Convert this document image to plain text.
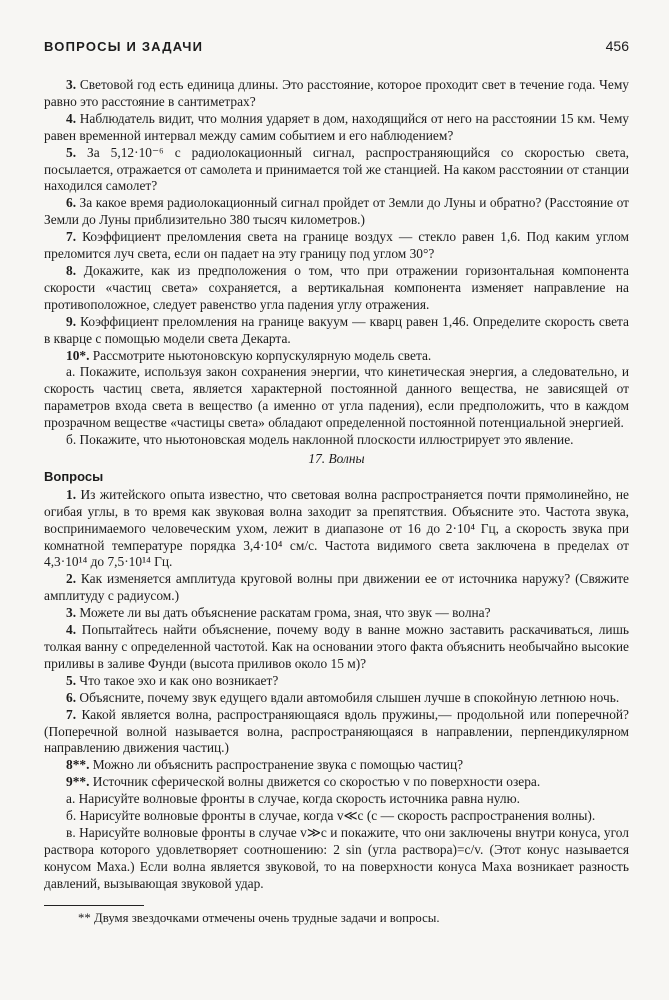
ВОПРОСЫ И ЗАДАЧИ	456

3. Световой год есть единица длины. Это расстояние, которое проходит свет в течение года. Чему равно это расстояние в сантиметрах?

4. Наблюдатель видит, что молния ударяет в дом, находящийся от него на расстоянии 15 км. Чему равен временной интервал между самим событием и его наблюдением?

5. За 5,12·10⁻⁶ с радиолокационный сигнал, распространяющийся со скоростью света, посылается, отражается от самолета и принимается той же станцией. На каком расстоянии от станции находился самолет?

6. За какое время радиолокационный сигнал пройдет от Земли до Луны и обратно? (Расстояние от Земли до Луны приблизительно 380 тысяч километров.)

7. Коэффициент преломления света на границе воздух — стекло равен 1,6. Под каким углом преломится луч света, если он падает на эту границу под углом 30°?

8. Докажите, как из предположения о том, что при отражении горизонтальная компонента скорости «частиц света» сохраняется, а вертикальная компонента изменяет направление на противоположное, следует равенство угла падения углу отражения.

9. Коэффициент преломления на границе вакуум — кварц равен 1,46. Определите скорость света в кварце с помощью модели света Декарта.

10*. Рассмотрите ньютоновскую корпускулярную модель света.

а. Покажите, используя закон сохранения энергии, что кинетическая энергия, а следовательно, и скорость частиц света, является характерной постоянной данного вещества, не зависящей от параметров входа света в вещество (а именно от угла падения), если предположить, что в каждом прозрачном веществе «частицы света» обладают определенной постоянной потенциальной энергией.

б. Покажите, что ньютоновская модель наклонной плоскости иллюстрирует это явление.

17. Волны
Вопросы

1. Из житейского опыта известно, что световая волна распространяется почти прямолинейно, не огибая углы, в то время как звуковая волна заходит за препятствия. Объясните это. Частота звука, воспринимаемого человеческим ухом, лежит в диапазоне от 16 до 2·10⁴ Гц, а скорость звука при комнатной температуре порядка 3,4·10⁴ см/с. Частота видимого света заключена в пределах от 4,3·10¹⁴ до 7,5·10¹⁴ Гц.

2. Как изменяется амплитуда круговой волны при движении ее от источника наружу? (Свяжите амплитуду с радиусом.)

3. Можете ли вы дать объяснение раскатам грома, зная, что звук — волна?

4. Попытайтесь найти объяснение, почему воду в ванне можно заставить раскачиваться, лишь толкая ванну с определенной частотой. Как на основании этого факта объяснить необычайно высокие приливы в заливе Фунди (высота приливов около 15 м)?

5. Что такое эхо и как оно возникает?

6. Объясните, почему звук едущего вдали автомобиля слышен лучше в спокойную летнюю ночь.

7. Какой является волна, распространяющаяся вдоль пружины,— продольной или поперечной? (Поперечной волной называется волна, распространяющаяся в направлении, перпендикулярном направлению движения частиц.)

8**. Можно ли объяснить распространение звука с помощью частиц?

9**. Источник сферической волны движется со скоростью v по поверхности озера.

а. Нарисуйте волновые фронты в случае, когда скорость источника равна нулю.

б. Нарисуйте волновые фронты в случае, когда v≪c (c — скорость распространения волны).

в. Нарисуйте волновые фронты в случае v≫c и покажите, что они заключены внутри конуса, угол раствора которого удовлетворяет соотношению: 2 sin (угла раствора)=c/v. (Этот конус называется конусом Маха.) Если волна является звуковой, то на поверхности конуса Маха возникает разность давлений, вызывающая звуковой удар.

** Двумя звездочками отмечены очень трудные задачи и вопросы.
